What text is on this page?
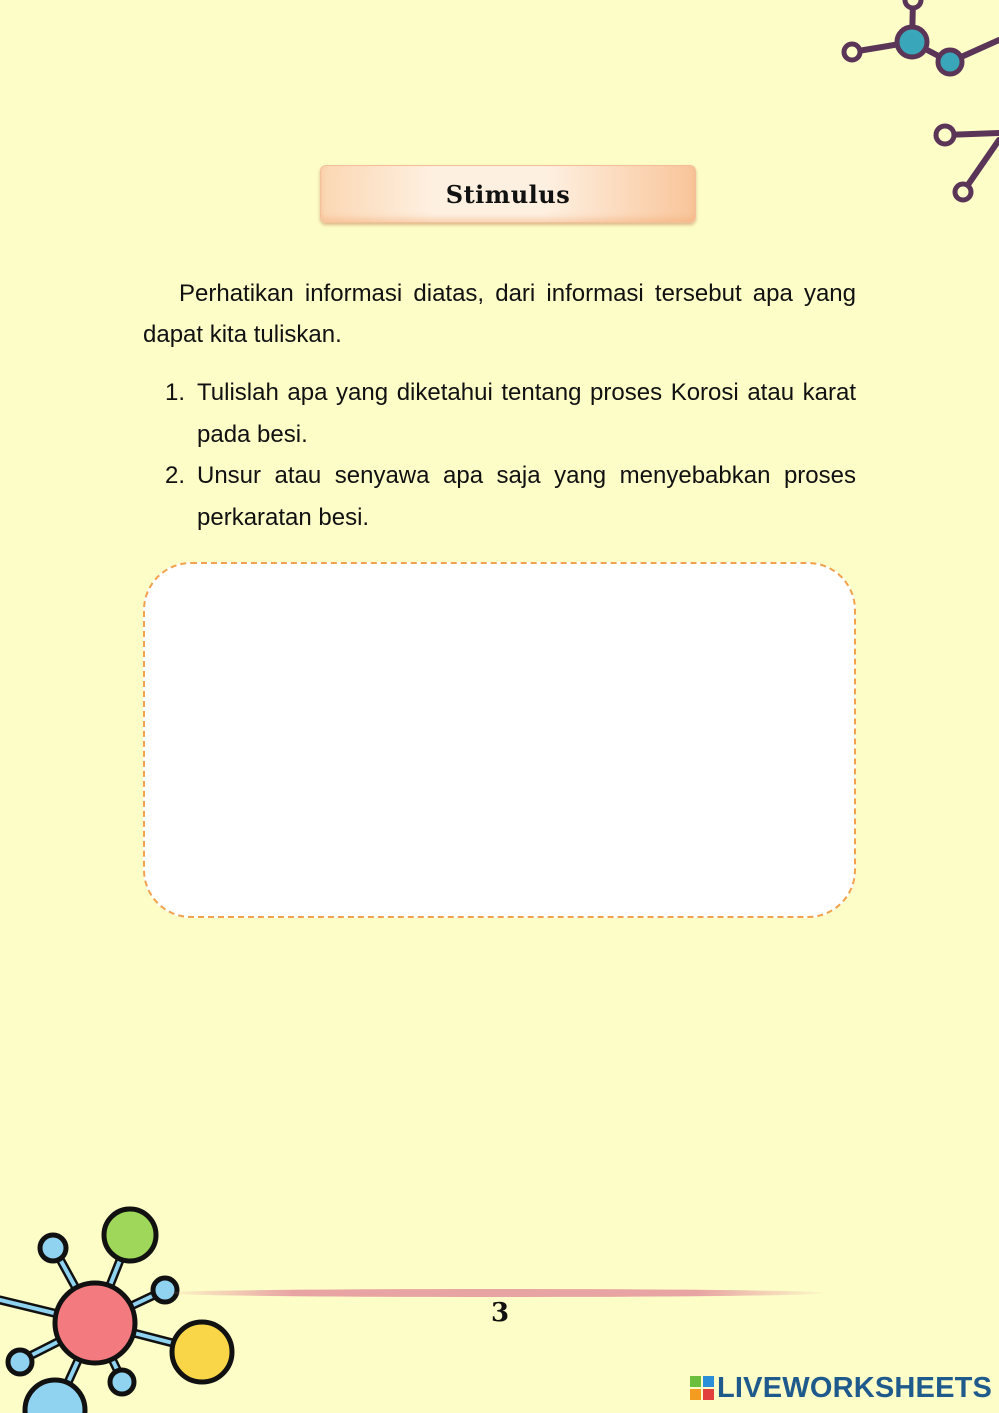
Stimulus

Perhatikan informasi diatas, dari informasi tersebut apa yang dapat kita tuliskan.

1. Tulislah apa yang diketahui tentang proses Korosi atau karat pada besi.
2. Unsur atau senyawa apa saja yang menyebabkan proses perkaratan besi.
3
LIVEWORKSHEETS
